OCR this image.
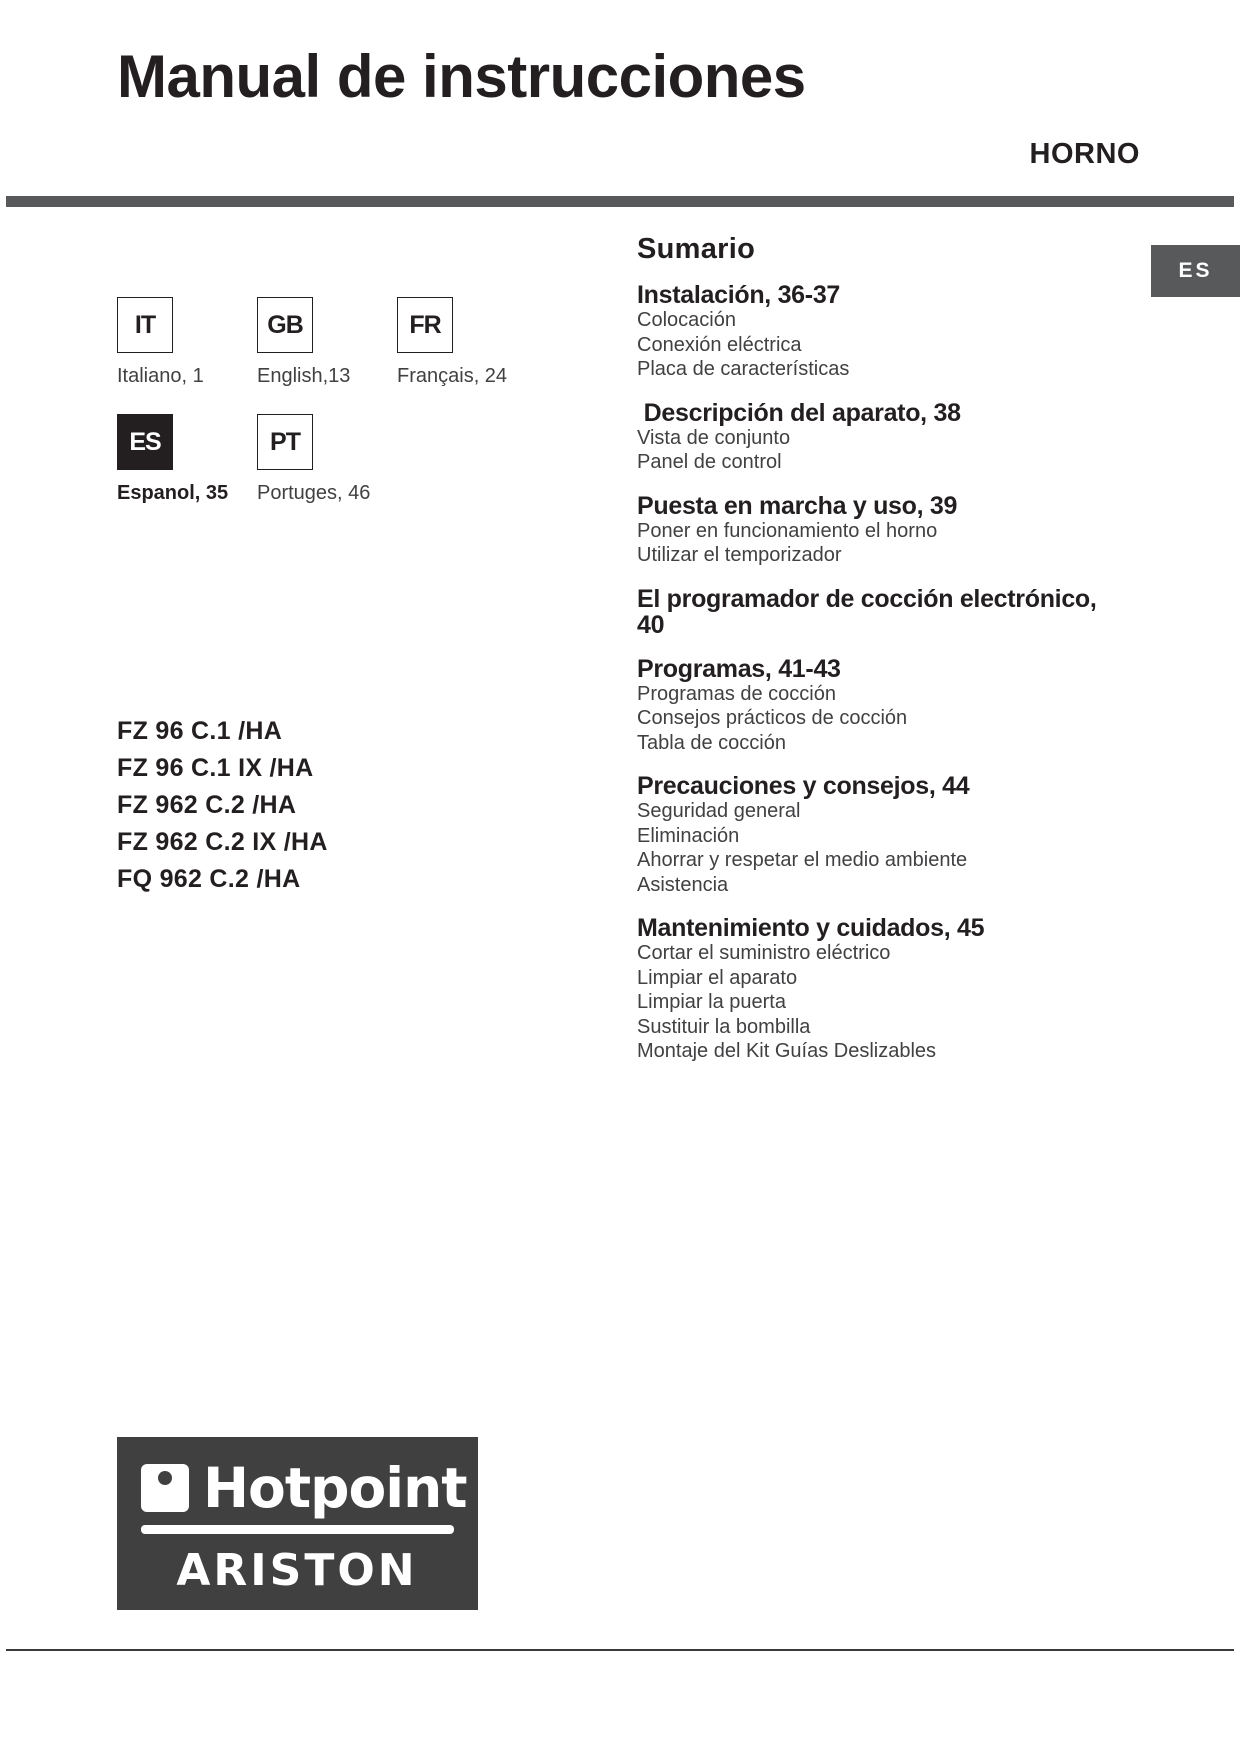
Manual de instrucciones
HORNO
ES
IT
Italiano, 1
GB
English,13
FR
Français, 24
ES
Espanol, 35
PT
Portuges, 46
FZ 96 C.1 /HA
FZ 96 C.1 IX /HA
FZ 962 C.2 /HA
FZ 962 C.2 IX /HA
FQ 962 C.2 /HA
Sumario
Instalación, 36-37
Colocación
Conexión eléctrica
Placa de características
Descripción del aparato, 38
Vista de conjunto
Panel de control
Puesta en marcha y uso, 39
Poner en funcionamiento el horno
Utilizar el temporizador
El programador de cocción electrónico, 40
Programas, 41-43
Programas de cocción
Consejos prácticos de cocción
Tabla de cocción
Precauciones y consejos, 44
Seguridad general
Eliminación
Ahorrar y respetar el medio ambiente
Asistencia
Mantenimiento y cuidados, 45
Cortar el suministro eléctrico
Limpiar el aparato
Limpiar la puerta
Sustituir la bombilla
Montaje del Kit Guías Deslizables
Hotpoint
ARISTON
